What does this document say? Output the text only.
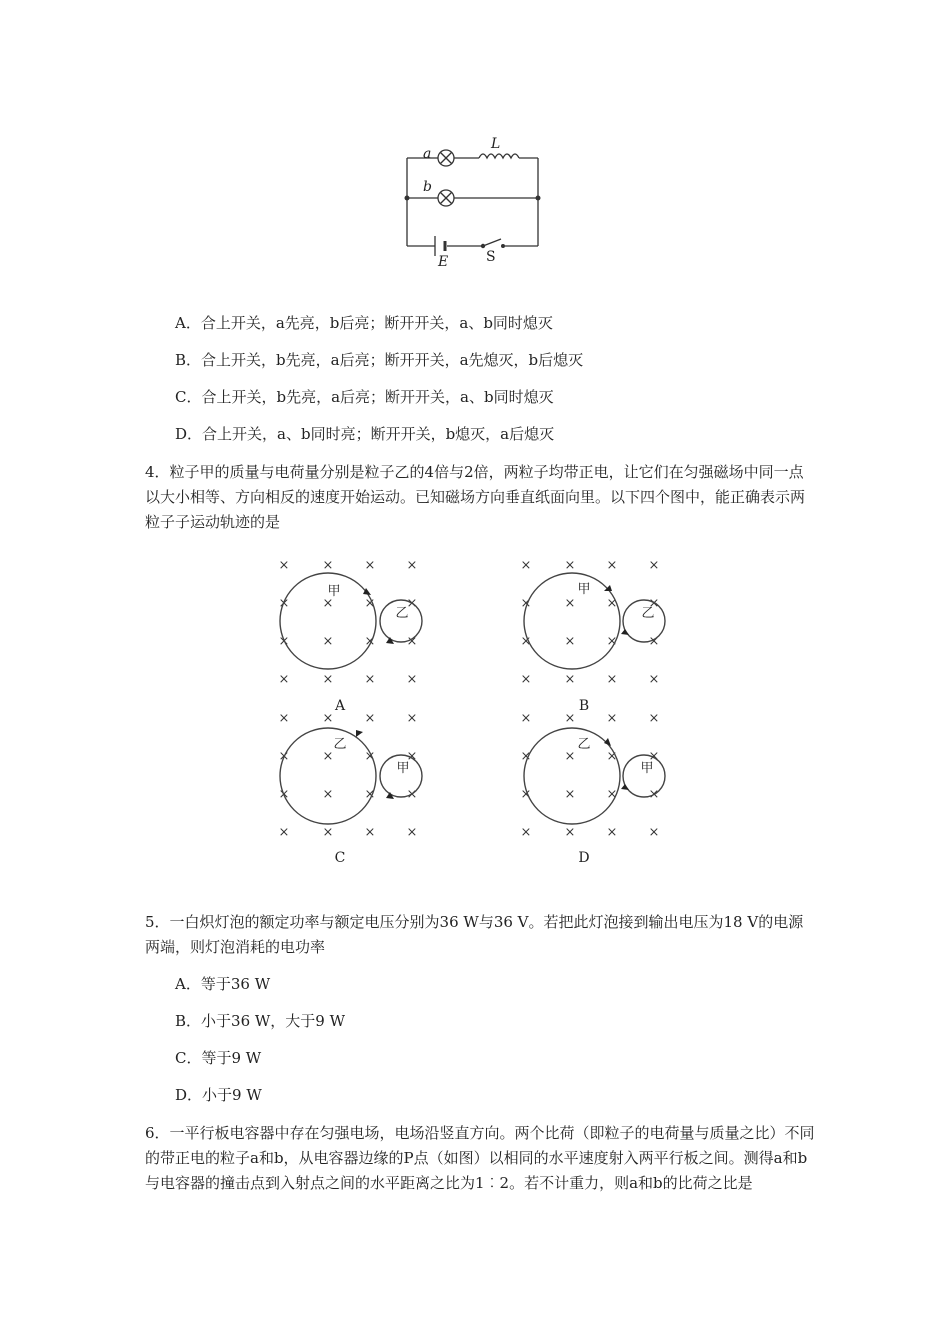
a
b
L
E	S
A．合上开关，a先亮，b后亮；断开开关，a、b同时熄灭
B．合上开关，b先亮，a后亮；断开开关，a先熄灭，b后熄灭
C．合上开关，b先亮，a后亮；断开开关，a、b同时熄灭
D．合上开关，a、b同时亮；断开开关，b熄灭，a后熄灭
4．粒子甲的质量与电荷量分别是粒子乙的4倍与2倍，两粒子均带正电，让它们在匀强磁场中同一点以大小相等、方向相反的速度开始运动。已知磁场方向垂直纸面向里。以下四个图中，能正确表示两粒子子运动轨迹的是
×	× × ×
×	× × ×
×	× × ×
×	× × ×
甲
乙
A
×	× × ×
×	× × ×
×	× × ×
×	× × ×
甲
乙
B
×	× × ×
×	× × ×
×	× × ×
×	× × ×
乙
甲
C
×	× × ×
×	× × ×
×	× × ×
×	× × ×
乙
甲
D
5．一白炽灯泡的额定功率与额定电压分别为36 W与36 V。若把此灯泡接到输出电压为18 V的电源两端，则灯泡消耗的电功率
A．等于36 W
B．小于36 W，大于9 W
C．等于9 W
D．小于9 W
6．一平行板电容器中存在匀强电场，电场沿竖直方向。两个比荷（即粒子的电荷量与质量之比）不同的带正电的粒子a和b，从电容器边缘的P点（如图）以相同的水平速度射入两平行板之间。测得a和b与电容器的撞击点到入射点之间的水平距离之比为1︰2。若不计重力，则a和b的比荷之比是
